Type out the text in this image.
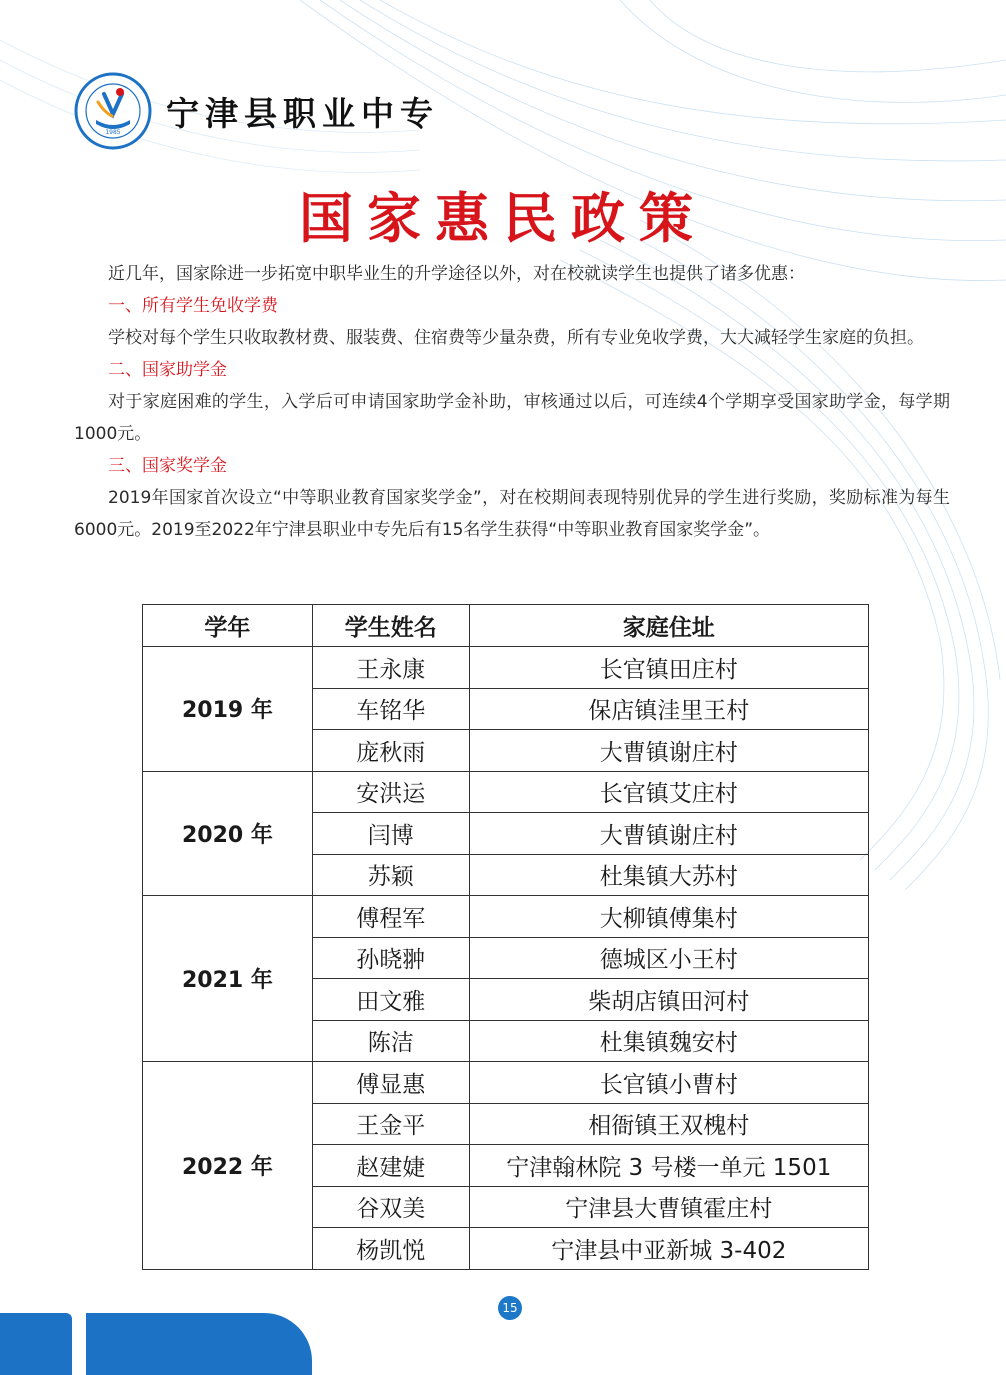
1985 宁津县职业中专
国家惠民政策

近几年，国家除进一步拓宽中职毕业生的升学途径以外，对在校就读学生也提供了诸多优惠：

一、所有学生免收学费

学校对每个学生只收取教材费、服装费、住宿费等少量杂费，所有专业免收学费，大大减轻学生家庭的负担。

二、国家助学金

对于家庭困难的学生，入学后可申请国家助学金补助，审核通过以后，可连续4个学期享受国家助学金，每学期1000元。

三、国家奖学金

2019年国家首次设立“中等职业教育国家奖学金”，对在校期间表现特别优异的学生进行奖励，奖励标准为每生6000元。2019至2022年宁津县职业中专先后有15名学生获得“中等职业教育国家奖学金”。

学年	学生姓名	家庭住址
2019 年	王永康	长官镇田庄村
	车铭华	保店镇洼里王村
	庞秋雨	大曹镇谢庄村
2020 年	安洪运	长官镇艾庄村
	闫博	大曹镇谢庄村
	苏颖	杜集镇大苏村
2021 年	傅程军	大柳镇傅集村
	孙晓翀	德城区小王村
	田文雅	柴胡店镇田河村
	陈洁	杜集镇魏安村
2022 年	傅显惠	长官镇小曹村
	王金平	相衙镇王双槐村
	赵建婕	宁津翰林院 3 号楼一单元 1501
	谷双美	宁津县大曹镇霍庄村
	杨凯悦	宁津县中亚新城 3-402
15
